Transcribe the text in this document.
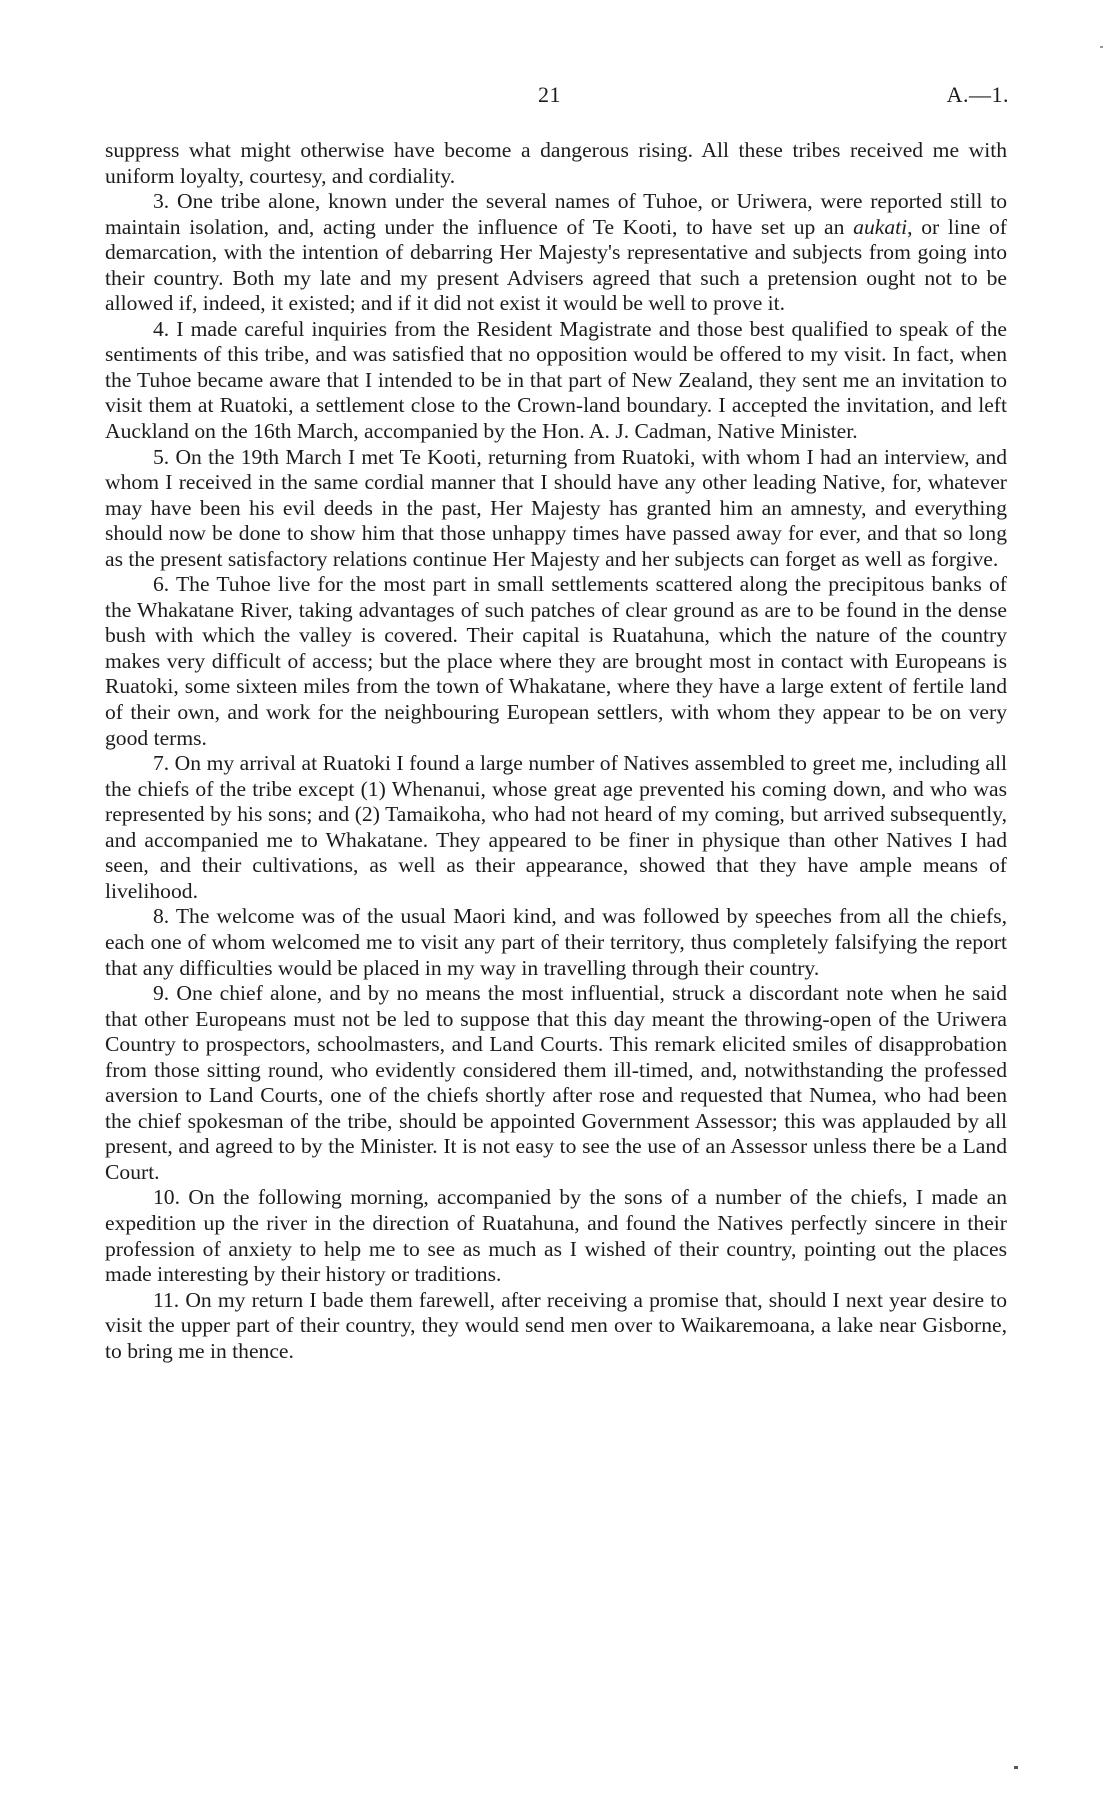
21	A.—1.

suppress what might otherwise have become a dangerous rising. All these tribes received me with uniform loyalty, courtesy, and cordiality.

3. One tribe alone, known under the several names of Tuhoe, or Uriwera, were reported still to maintain isolation, and, acting under the influence of Te Kooti, to have set up an aukati, or line of demarcation, with the intention of debarring Her Majesty's representative and subjects from going into their country. Both my late and my present Advisers agreed that such a pretension ought not to be allowed if, indeed, it existed; and if it did not exist it would be well to prove it.

4. I made careful inquiries from the Resident Magistrate and those best qualified to speak of the sentiments of this tribe, and was satisfied that no opposition would be offered to my visit. In fact, when the Tuhoe became aware that I intended to be in that part of New Zealand, they sent me an invitation to visit them at Ruatoki, a settlement close to the Crown-land boundary. I accepted the invitation, and left Auckland on the 16th March, accompanied by the Hon. A. J. Cadman, Native Minister.

5. On the 19th March I met Te Kooti, returning from Ruatoki, with whom I had an interview, and whom I received in the same cordial manner that I should have any other leading Native, for, whatever may have been his evil deeds in the past, Her Majesty has granted him an amnesty, and everything should now be done to show him that those unhappy times have passed away for ever, and that so long as the present satisfactory relations continue Her Majesty and her subjects can forget as well as forgive.

6. The Tuhoe live for the most part in small settlements scattered along the precipitous banks of the Whakatane River, taking advantages of such patches of clear ground as are to be found in the dense bush with which the valley is covered. Their capital is Ruatahuna, which the nature of the country makes very difficult of access; but the place where they are brought most in contact with Europeans is Ruatoki, some sixteen miles from the town of Whakatane, where they have a large extent of fertile land of their own, and work for the neighbouring European settlers, with whom they appear to be on very good terms.

7. On my arrival at Ruatoki I found a large number of Natives assembled to greet me, including all the chiefs of the tribe except (1) Whenanui, whose great age prevented his coming down, and who was represented by his sons; and (2) Tamaikoha, who had not heard of my coming, but arrived subsequently, and accompanied me to Whakatane. They appeared to be finer in physique than other Natives I had seen, and their cultivations, as well as their appearance, showed that they have ample means of livelihood.

8. The welcome was of the usual Maori kind, and was followed by speeches from all the chiefs, each one of whom welcomed me to visit any part of their territory, thus completely falsifying the report that any difficulties would be placed in my way in travelling through their country.

9. One chief alone, and by no means the most influential, struck a discordant note when he said that other Europeans must not be led to suppose that this day meant the throwing-open of the Uriwera Country to prospectors, schoolmasters, and Land Courts. This remark elicited smiles of disapprobation from those sitting round, who evidently considered them ill-timed, and, notwithstanding the professed aversion to Land Courts, one of the chiefs shortly after rose and requested that Numea, who had been the chief spokesman of the tribe, should be appointed Government Assessor; this was applauded by all present, and agreed to by the Minister. It is not easy to see the use of an Assessor unless there be a Land Court.

10. On the following morning, accompanied by the sons of a number of the chiefs, I made an expedition up the river in the direction of Ruatahuna, and found the Natives perfectly sincere in their profession of anxiety to help me to see as much as I wished of their country, pointing out the places made interesting by their history or traditions.

11. On my return I bade them farewell, after receiving a promise that, should I next year desire to visit the upper part of their country, they would send men over to Waikaremoana, a lake near Gisborne, to bring me in thence.
